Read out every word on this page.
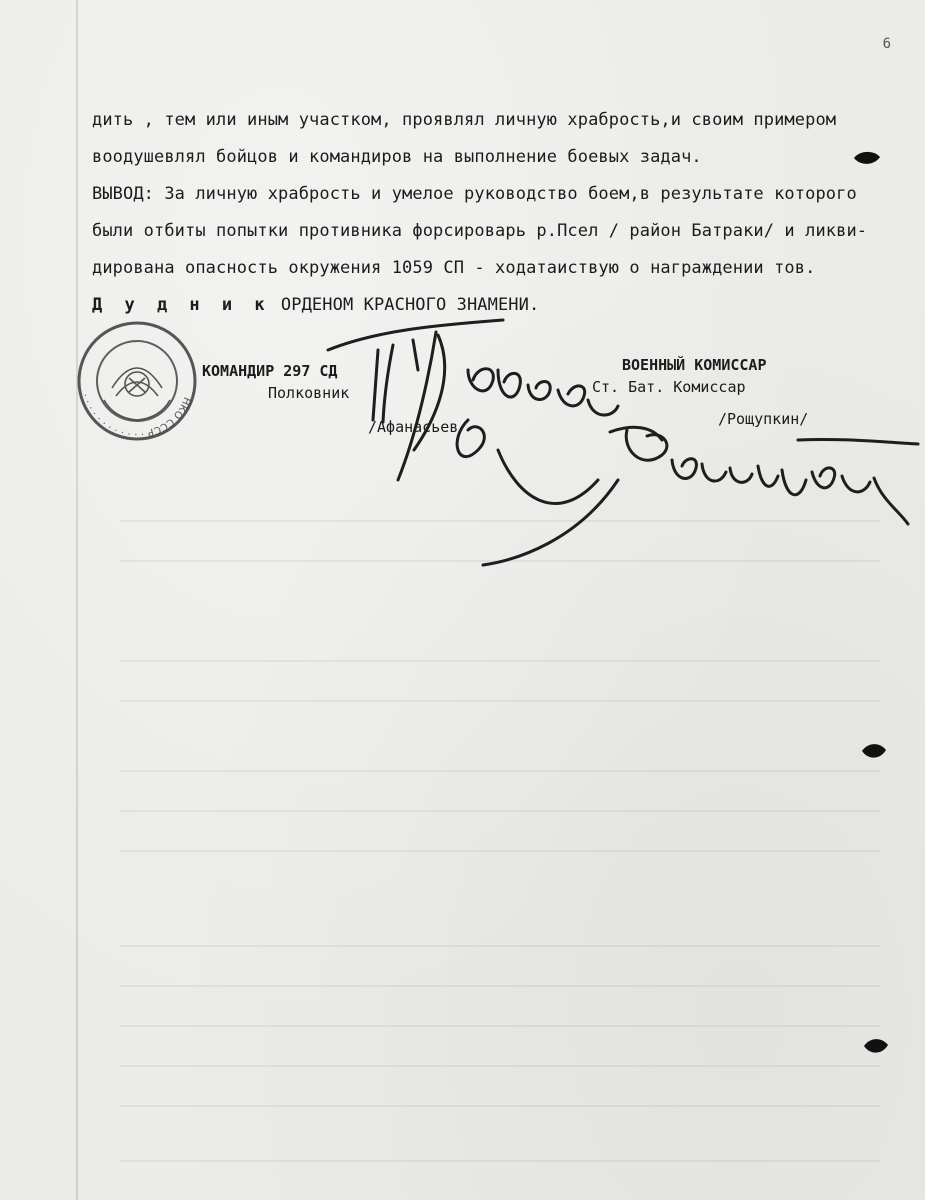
6
дить , тем или иным участком, проявлял личную храбрость,и своим примером
воодушевлял бойцов и командиров на выполнение боевых задач.
ВЫВОД: За личную храбрость и умелое руководство боем,в результате которого
были отбиты попытки противника форсироварь р.Псел / район Батраки/ и ликви-
дирована опасность окружения 1059 СП - ходатаиствую о награждении тов.
Д у д н и к ОРДЕНОМ КРАСНОГО ЗНАМЕНИ.
КОМАНДИР 297 СД
Полковник
/Афанасьев/
ВОЕННЫЙ КОМИССАР
Ст. Бат. Комиссар
/Рощупкин/
НКО СССР · · · · · · · · · · · ·
